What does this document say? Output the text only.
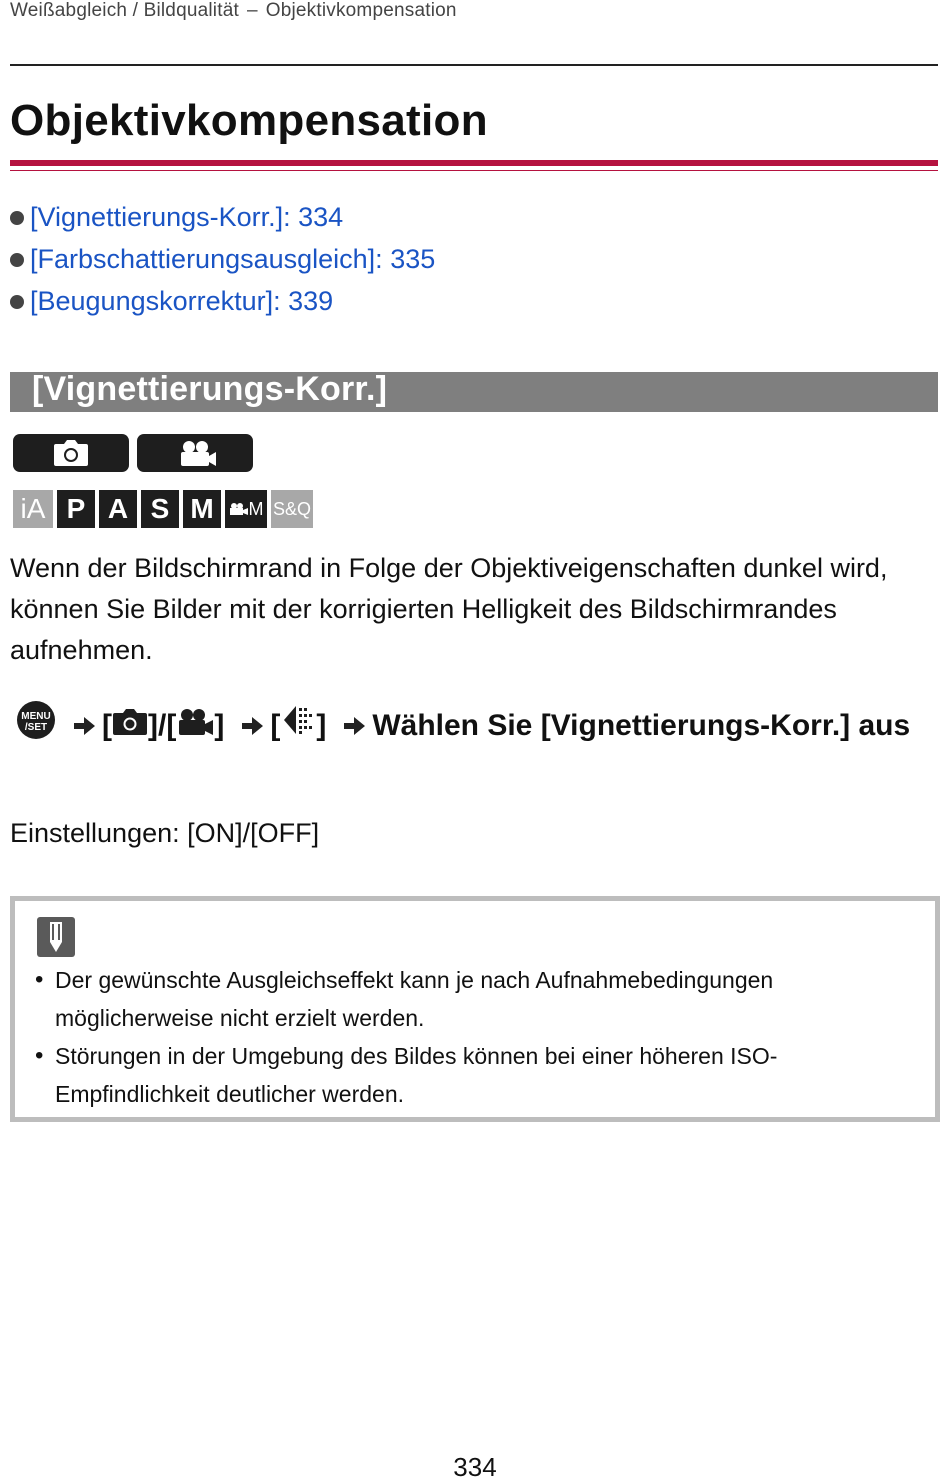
Weißabgleich / Bildqualität – Objektivkompensation
Objektivkompensation
[Vignettierungs-Korr.]: 334
[Farbschattierungsausgleich]: 335
[Beugungskorrektur]: 339
[Vignettierungs-Korr.]
iA P A S M M S&Q

Wenn der Bildschirmrand in Folge der Objektiveigenschaften dunkel wird, können Sie Bilder mit der korrigierten Helligkeit des Bildschirmrandes aufnehmen.

MENU
/SET [ ]/[ ] [ ] Wählen Sie [Vignettierungs-Korr.] aus

Einstellungen: [ON]/[OFF]

• Der gewünschte Ausgleichseffekt kann je nach Aufnahmebedingungen möglicherweise nicht erzielt werden.
• Störungen in der Umgebung des Bildes können bei einer höheren ISO-Empfindlichkeit deutlicher werden.
334
